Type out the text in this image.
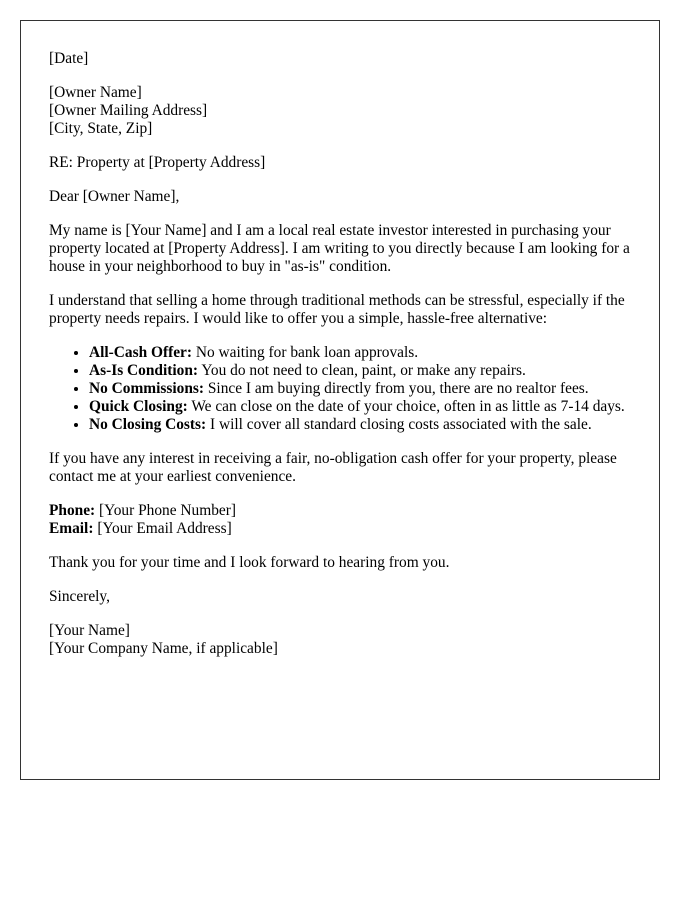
[Date]

[Owner Name]
[Owner Mailing Address]
[City, State, Zip]

RE: Property at [Property Address]

Dear [Owner Name],

My name is [Your Name] and I am a local real estate investor interested in purchasing your property located at [Property Address]. I am writing to you directly because I am looking for a house in your neighborhood to buy in "as-is" condition.

I understand that selling a home through traditional methods can be stressful, especially if the property needs repairs. I would like to offer you a simple, hassle-free alternative:

• All-Cash Offer: No waiting for bank loan approvals.
• As-Is Condition: You do not need to clean, paint, or make any repairs.
• No Commissions: Since I am buying directly from you, there are no realtor fees.
• Quick Closing: We can close on the date of your choice, often in as little as 7-14 days.
• No Closing Costs: I will cover all standard closing costs associated with the sale.

If you have any interest in receiving a fair, no-obligation cash offer for your property, please contact me at your earliest convenience.

Phone: [Your Phone Number]
Email: [Your Email Address]

Thank you for your time and I look forward to hearing from you.

Sincerely,

[Your Name]
[Your Company Name, if applicable]
